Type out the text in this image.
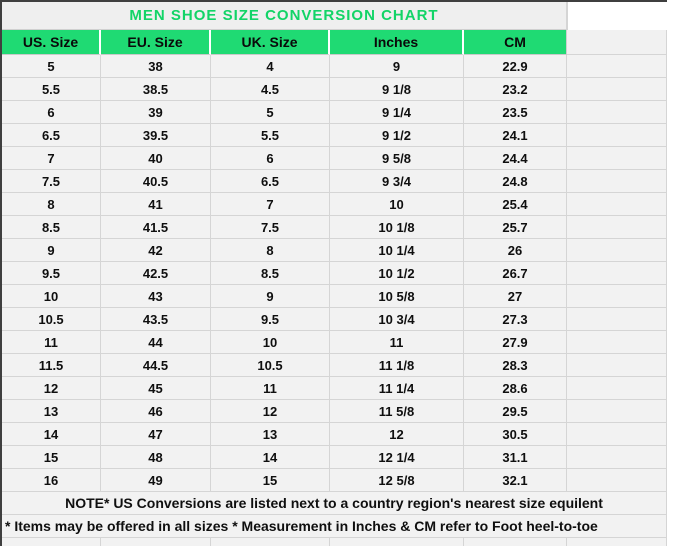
MEN SHOE SIZE CONVERSION CHART
US. Size	EU. Size	UK. Size	Inches	CM
5	38	4	9	22.9
5.5	38.5	4.5	9 1/8	23.2
6	39	5	9 1/4	23.5
6.5	39.5	5.5	9 1/2	24.1
7	40	6	9 5/8	24.4
7.5	40.5	6.5	9 3/4	24.8
8	41	7	10	25.4
8.5	41.5	7.5	10 1/8	25.7
9	42	8	10 1/4	26
9.5	42.5	8.5	10 1/2	26.7
10	43	9	10 5/8	27
10.5	43.5	9.5	10 3/4	27.3
11	44	10	11	27.9
11.5	44.5	10.5	11 1/8	28.3
12	45	11	11 1/4	28.6
13	46	12	11 5/8	29.5
14	47	13	12	30.5
15	48	14	12 1/4	31.1
16	49	15	12 5/8	32.1
NOTE* US Conversions are listed next to a country region's nearest size equilent
* Items may be offered in all sizes * Measurement in Inches & CM refer to Foot heel-to-toe
